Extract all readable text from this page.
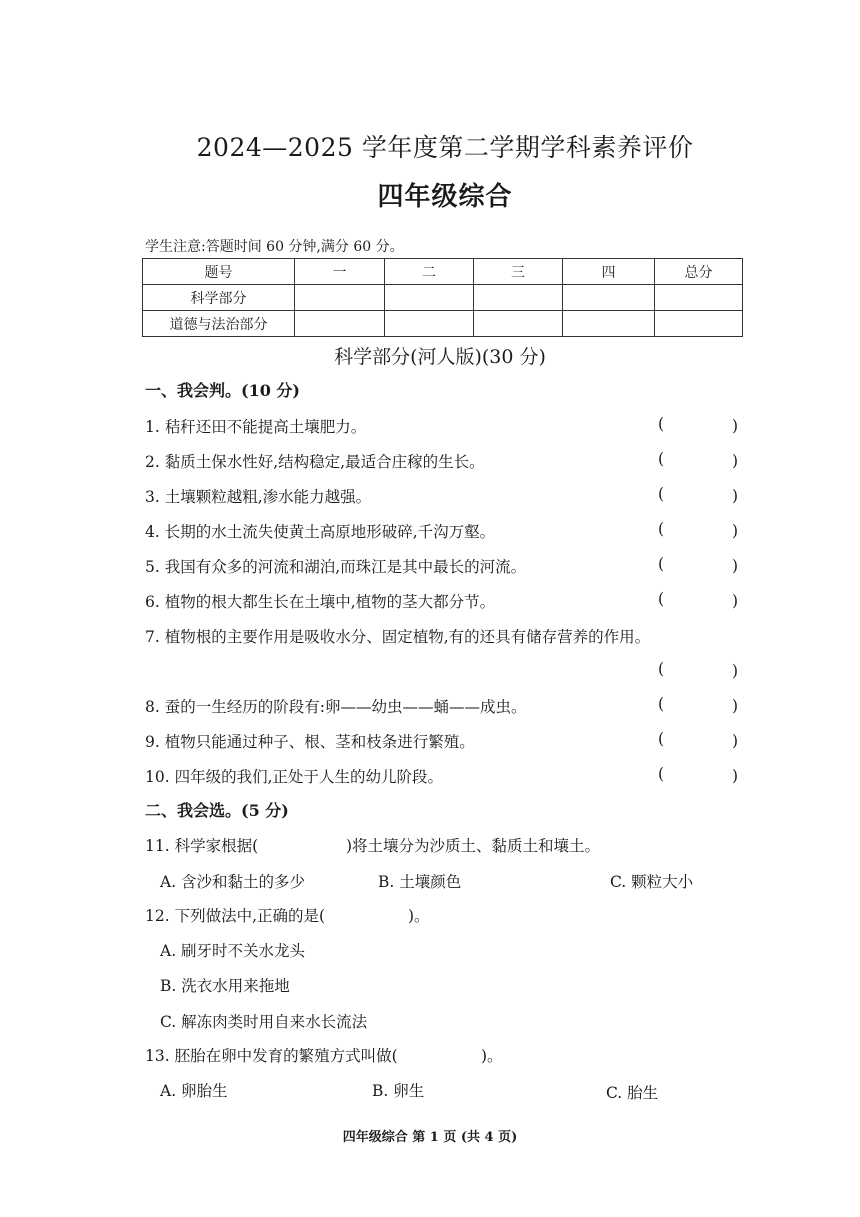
2024—2025 学年度第二学期学科素养评价
四年级综合
学生注意:答题时间 60 分钟,满分 60 分。
题号	一	二	三	四	总分
科学部分					
道德与法治部分					
科学部分(河人版)(30 分)
一、我会判。(10 分)
1. 秸秆还田不能提高土壤肥力。	(	)
2. 黏质土保水性好,结构稳定,最适合庄稼的生长。	(	)
3. 土壤颗粒越粗,渗水能力越强。	(	)
4. 长期的水土流失使黄土高原地形破碎,千沟万壑。	(	)
5. 我国有众多的河流和湖泊,而珠江是其中最长的河流。	(	)
6. 植物的根大都生长在土壤中,植物的茎大都分节。	(	)
7. 植物根的主要作用是吸收水分、固定植物,有的还具有储存营养的作用。
(	)
8. 蚕的一生经历的阶段有:卵——幼虫——蛹——成虫。	(	)
9. 植物只能通过种子、根、茎和枝条进行繁殖。	(	)
10. 四年级的我们,正处于人生的幼儿阶段。	(	)
二、我会选。(5 分)
11. 科学家根据(	)将土壤分为沙质土、黏质土和壤土。
A. 含沙和黏土的多少	B. 土壤颜色	C. 颗粒大小
12. 下列做法中,正确的是(	)。
A. 刷牙时不关水龙头
B. 洗衣水用来拖地
C. 解冻肉类时用自来水长流法
13. 胚胎在卵中发育的繁殖方式叫做(	)。
A. 卵胎生	B. 卵生	C. 胎生
四年级综合 第 1 页 (共 4 页)
